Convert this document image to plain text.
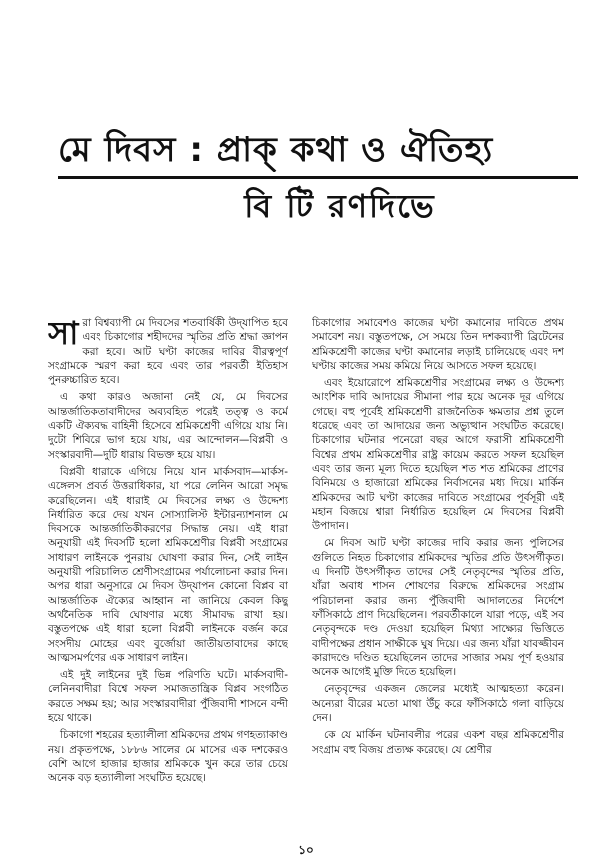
মে দিবস : প্রাক্ কথা ও ঐতিহ্য
বি টি রণদিভে

সারা বিশ্বব্যাপী মে দিবসের শতবার্ষিকী উদ্‌যাপিত হবে এবং চিকাগোর শহীদদের স্মৃতির প্রতি শ্রদ্ধা জ্ঞাপন করা হবে। আট ঘণ্টা কাজের দাবির বীরত্বপূর্ণ সংগ্রামকে স্মরণ করা হবে এবং তার পরবর্তী ইতিহাস পুনরুচ্চারিত হবে।

এ কথা কারও অজানা নেই যে, মে দিবসের আন্তর্জাতিকতাবাদীদের অব্যবহিত পরেই তত্ত্ব ও কর্মে একটি ঐক্যবদ্ধ বাহিনী হিসেবে শ্রমিকশ্রেণী এগিয়ে যায় নি। দুটো শিবিরে ভাগ হয়ে যায়, এর আন্দোলন—বিপ্লবী ও সংস্কারবাদী—দুটি ধারায় বিভক্ত হয়ে যায়।

বিপ্লবী ধারাকে এগিয়ে নিয়ে যান মার্কসবাদ—মার্কস-এঙ্গেলস প্রবর্ত উত্তরাধিকার, যা পরে লেনিন আরো সমৃদ্ধ করেছিলেন। এই ধারাই মে দিবসের লক্ষ্য ও উদ্দেশ্য নির্ধারিত করে দেয় যখন সোস্যালিস্ট ইন্টারন্যাশনাল মে দিবসকে আন্তর্জাতিকীকরণের সিদ্ধান্ত নেয়। এই ধারা অনুযায়ী এই দিবসটি হলো শ্রমিকশ্রেণীর বিপ্লবী সংগ্রামের সাধারণ লাইনকে পুনরায় ঘোষণা করার দিন, সেই লাইন অনুযায়ী পরিচালিত শ্রেণীসংগ্রামের পর্যালোচনা করার দিন। অপর ধারা অনুসারে মে দিবস উদ্‌যাপন কোনো বিপ্লব বা আন্তর্জাতিক ঐক্যের আহ্বান না জানিয়ে কেবল কিছু অর্থনৈতিক দাবি ঘোষণার মধ্যে সীমাবদ্ধ রাখা হয়। বস্তুতপক্ষে এই ধারা হলো বিপ্লবী লাইনকে বর্জন করে সংসদীয় মোহের এবং বুর্জোয়া জাতীয়তাবাদের কাছে আত্মসমর্পণের এক সাধারণ লাইন।

এই দুই লাইনের দুই ভিন্ন পরিণতি ঘটে। মার্কসবাদী-লেনিনবাদীরা বিশ্বে সফল সমাজতান্ত্রিক বিপ্লব সংগঠিত করতে সক্ষম হয়; আর সংস্কারবাদীরা পুঁজিবাদী শাসনে বন্দী হয়ে থাকে।

চিকাগো শহরের হত্যালীলা শ্রমিকদের প্রথম গণহত্যাকাণ্ড নয়। প্রকৃতপক্ষে, ১৮৮৬ সালের মে মাসের এক দশকেরও বেশি আগে হাজার হাজার শ্রমিককে খুন করে তার চেয়ে অনেক বড় হত্যালীলা সংঘটিত হয়েছে।

চিকাগোর সমাবেশও কাজের ঘণ্টা কমানোর দাবিতে প্রথম সমাবেশ নয়। বস্তুতপক্ষে, সে সময়ে তিন দশকব্যাপী ব্রিটেনের শ্রমিকশ্রেণী কাজের ঘণ্টা কমানোর লড়াই চালিয়েছে এবং দশ ঘণ্টায় কাজের সময় কমিয়ে নিয়ে আসতে সফল হয়েছে।

এবং ইয়োরোপে শ্রমিকশ্রেণীর সংগ্রামের লক্ষ্য ও উদ্দেশ্য আংশিক দাবি আদায়ের সীমানা পার হয়ে অনেক দূর এগিয়ে গেছে। বহু পূর্বেই শ্রমিকশ্রেণী রাজনৈতিক ক্ষমতার প্রশ্ন তুলে ধরেছে এবং তা আদায়ের জন্য অভ্যুত্থান সংঘটিত করেছে। চিকাগোর ঘটনার পনেরো বছর আগে ফরাসী শ্রমিকশ্রেণী বিশ্বের প্রথম শ্রমিকশ্রেণীর রাষ্ট্র কায়েম করতে সফল হয়েছিল এবং তার জন্য মূল্য দিতে হয়েছিল শত শত শ্রমিকের প্রাণের বিনিময়ে ও হাজারো শ্রমিকের নির্বাসনের মধ্য দিয়ে। মার্কিন শ্রমিকদের আট ঘণ্টা কাজের দাবিতে সংগ্রামের পূর্বসূরী এই মহান বিজয়ে শ্বারা নির্ধারিত হয়েছিল মে দিবসের বিপ্লবী উপাদান।

মে দিবস আট ঘণ্টা কাজের দাবি করার জন্য পুলিসের গুলিতে নিহত চিকাগোর শ্রমিকদের স্মৃতির প্রতি উৎসর্গীকৃত। এ দিনটি উৎসর্গীকৃত তাদের সেই নেতৃবৃন্দের স্মৃতির প্রতি, যাঁরা অবাধ শাসন শোষণের বিরুদ্ধে শ্রমিকদের সংগ্রাম পরিচালনা করার জন্য পুঁজিবাদী আদালতের নির্দেশে ফাঁসিকাঠে প্রাণ দিয়েছিলেন। পরবর্তীকালে যারা পড়ে, এই সব নেতৃবৃন্দকে দণ্ড দেওয়া হয়েছিল মিথ্যা সাক্ষ্যের ভিত্তিতে বাদীপক্ষের প্রধান সাক্ষীকে ঘুষ দিয়ে। এর জন্য যাঁরা যাবজ্জীবন কারাদণ্ডে দণ্ডিত হয়েছিলেন তাদের সাজার সময় পূর্ণ হওয়ার অনেক আগেই মুক্তি দিতে হয়েছিল।

নেতৃবৃন্দের একজন জেলের মধ্যেই আত্মহত্যা করেন। অন্যেরা বীরের মতো মাথা উঁচু করে ফাঁসিকাঠে গলা বাড়িয়ে দেন।

কে যে মার্কিন ঘটনাবলীর পরের একশ বছর শ্রমিকশ্রেণীর সংগ্রাম বহু বিজয় প্রত্যক্ষ করেছে। যে শ্রেণীর

১০
